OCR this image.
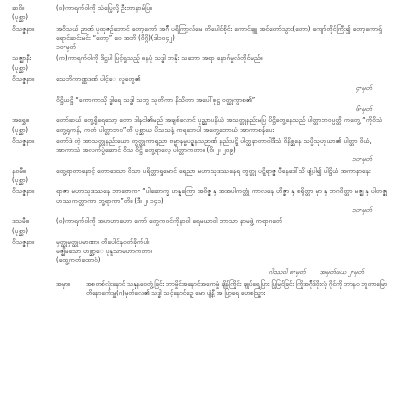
ဆဝိ။
(ပုစ္ဆာ)

(၀)ကာရက်ဝါကို သံပြေ့လို့ ဦးဘာနာမ်ပြ။

ဝိသဇ္ဇနာ။	အဝိသယ် ဉာဏ် ပုထုဇဉ်ဘောင် တော့ကော် အဂ်ီ ပရိကြာ့လ်မေ တိပေါင်စိုင်း ကောင်ချူ အင်တော်သွား(တော) ကျော်တိုင်ကြီး၍ တော့ကောရှ်ရောင်ဆင်းမင်း “တော့” ဝေ အဘိ (ဝိဂ္ဂိ)(ဒါ၁၀၄၂)

၁၀-မှတ်

သဇ္ဈာနီး
(ပုစ္ဆာ)

(က)ကာရက်ဝါကို ဒိဋ္ဌပါ ပြင့်ရှုသည့် ဓနပုံ သဒ္ဓါ ဘနိုး သဘော အရာ နောဂ်မှုလ်တိုင်မည်။

ဝိသဇ္ဇနာ။	သေဘိကာဏ္ဏဒဏ် ပါင့်ေ လူတွေ၏

၄-မှတ်

ဝိဋ္ဌိယဋ္ဌိ “ကောကာသို ဒ္ဓါရေ သဒ္ဓါ သဘွ သုတိကာ နိသိတာ အပေါ်စုဋ္ဌ ဝတ္ထုကွာစ၏”

၆-မှတ်
အရွှေ၊။
(ပုစ္ဆာ)

တော်ဆယ် တွေ့ရှိရေသော့ တော ဒါနငါ၏မည် အချစ်လောင် ပုည္ဆာပနိယံ အသတ္တုနည်းမပြ ပိဋ္ဌိတွေ့နေသည် ပါတ္တာဘဝပ္ပတ္တိ ကတွေ့ “ကိုဝိသံ တွေ့ရုကန်, ကတံ ပါတ္တာဘဝ”တိ ပုစ္ဆာယ ပိသသနံ့ ကရဘေပါ အတွေ့ဘောယံ အာကာစန်ပေး

ဝိသဇ္ဇနာ။	တော်ဒဲ တဲ့ အာသတ္တုနည်းယော တွတ္တုကာရုညာ ဗမ္မာနမ္မပဉ္ဇနသဉာဏ် နည်းပဋ္ဋိ ပါတ္ထနာတာဝါဒီသံ ဝိနိစ္ဆနေ သပ္ပိသုဟုယာ၏ ပါတ္တာ ဝိယံ, အာကာသံ အလက်ပွဲဆောင် ဝိသ ဝိဋ္ဌိ တွေ့ရာလေ့ ပါတ္တာကတာ။ (ဝိ၊ ၂၊ ၂၀၉)

၁၀-မှတ်
နဝမီ၊။
(ပုစ္ဆာ)

ထွေ့ရာတာနောင့် တောဒေသာ ဝိသာ ပရိတ္တာရှုမောင် ရေညာ မဟာသုဒဿနေရ တွတ္တု ပဋ္ဋိရာဇ္ဇ ပီနေဒေါ်သိ ဖျံ့ပါ၍ ပါဋ္ဌိယံ အကာနာနေး

ဝိသဇ္ဇနာ။	ရာဇာ မဟာသုဒဿနေ ဘာဗောက- “ပါဆောက္ခ ဟန္နကြော အဝိဇ္ဇ နှ အအပါကတ္တုံ ကာလနေ ဟိဇ္ဇာ နှ စရိုတ္တာ မှာ နှ ဘဂဝိတ္တာ မဇ္ဈ နှ ပါတဇ္ဇု ဟဿကတ္တာကာ ဘူ့ရာကာ”တိ။ (ဒီ၊ ၂၊ ၁၄၁)

၁၀-မှတ်
ဒသမီ၊။
(ပုစ္ဆာ)

(၀)ကာရက်ဝါကို အပာဟာဟော ကော် တွေကဝင်ကိုနာဝါ ရေမယာဝါ ဘာသာ နာမဖွဲ့ ကရာဂတ်ေ

ဝိသဇ္ဇနာ။	မှတ္ထုမှတ္ထုပမာဏာ၊ တိပေါင်နဝတ်ခိုက်ပါ၊

မဇ္ဈိမသော ဟစ္ဆာ့ေ ပုနူသာမဟာကတာ၊

(ထွေ့ကတ်ထောဝံ)

ဂါဿဝါ ၈-မှတ် အမှတ်ဖယ ၂-မှတ်
အမှာ။	အစတစ်လုံးနောင် သနုနဝေတွံ့ခြင်း ဘာမှိုင်အနောင်အကေမှုံ ချိန်ကြိုင်း ချုပ်ရေ့ပြား ပြုမြင်ခြင်း ကြိုအဂ်ိုဒ်ဝိုးလုံ ဂိုင်ကို ဘာနဝ ဘူတာမြောတိနောက်ေးမှူ(ဂ)မှတ်လေ၏ သဒ္ဓါ သင့်နောင်ဥေ့ မော ပျံ့နီ့ အ ပြာ့ရေ ဟေစသ္ပြား
